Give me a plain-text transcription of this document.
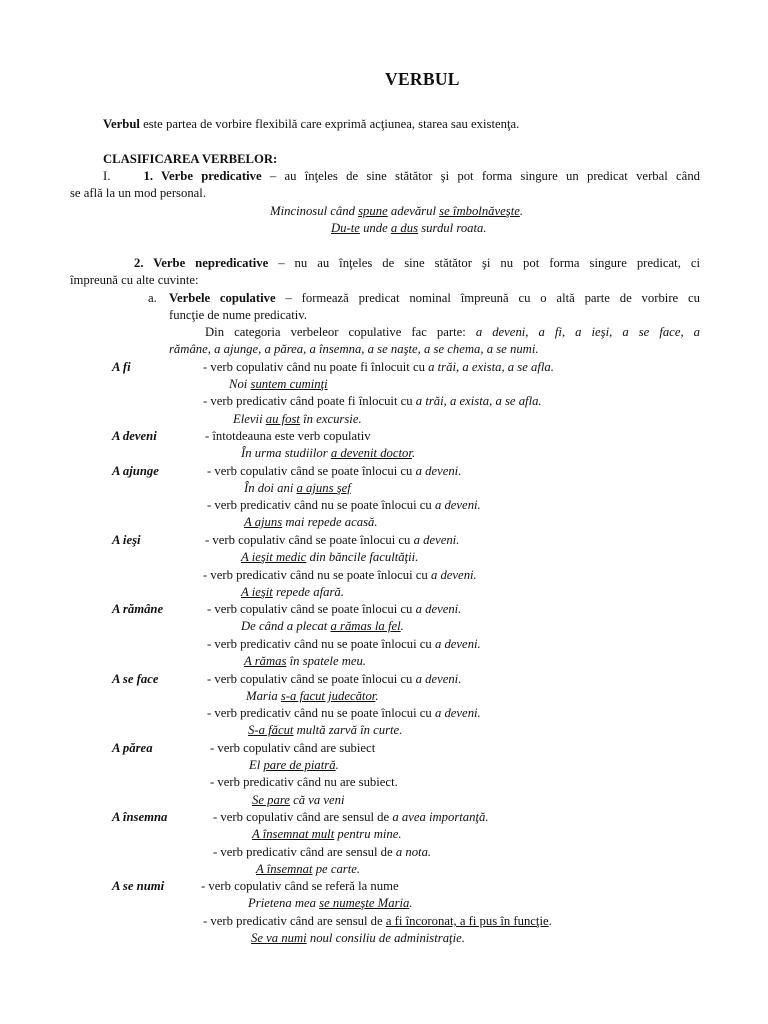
VERBUL
Verbul este partea de vorbire flexibilă care exprimă acţiunea, starea sau existenţa.
CLASIFICAREA VERBELOR:
I.	1. Verbe predicative – au înţeles de sine stătător şi pot forma singure un predicat verbal când
se află la un mod personal.
Mincinosul când spune adevărul se îmbolnăveşte.
Du-te unde a dus surdul roata.
2. Verbe nepredicative – nu au înţeles de sine stătător şi nu pot forma singure predicat, ci
împreună cu alte cuvinte:
a. Verbele copulative – formează predicat nominal împreună cu o altă parte de vorbire cu
funcţie de nume predicativ.
Din categoria verbeleor copulative fac parte: a deveni, a fi, a ieşi, a se face, a
rămâne, a ajunge, a părea, a însemna, a se naşte, a se chema, a se numi.
A fi	- verb copulativ când nu poate fi înlocuit cu a trăi, a exista, a se afla.
Noi suntem cuminţi
- verb predicativ când poate fi înlocuit cu a trăi, a exista, a se afla.
Elevii au fost în excursie.
A deveni	- întotdeauna este verb copulativ
În urma studiilor a devenit doctor.
A ajunge	- verb copulativ când se poate înlocui cu a deveni.
În doi ani a ajuns şef
- verb predicativ când nu se poate înlocui cu a deveni.
A ajuns mai repede acasă.
A ieşi	- verb copulativ când se poate înlocui cu a deveni.
A ieşit medic din băncile facultăţii.
- verb predicativ când nu se poate înlocui cu a deveni.
A ieşit repede afară.
A rămâne	- verb copulativ când se poate înlocui cu a deveni.
De când a plecat a rămas la fel.
- verb predicativ când nu se poate înlocui cu a deveni.
A rămas în spatele meu.
A se face	- verb copulativ când se poate înlocui cu a deveni.
Maria s-a facut judecător.
- verb predicativ când nu se poate înlocui cu a deveni.
S-a făcut multă zarvă în curte.
A părea	- verb copulativ când are subiect
El pare de piatră.
- verb predicativ când nu are subiect.
Se pare că va veni
A însemna	- verb copulativ când are sensul de a avea importanţă.
A însemnat mult pentru mine.
- verb predicativ când are sensul de a nota.
A însemnat pe carte.
A se numi	- verb copulativ când se referă la nume
Prietena mea se numeşte Maria.
- verb predicativ când are sensul de a fi încoronat, a fi pus în funcţie.
Se va numi noul consiliu de administraţie.
